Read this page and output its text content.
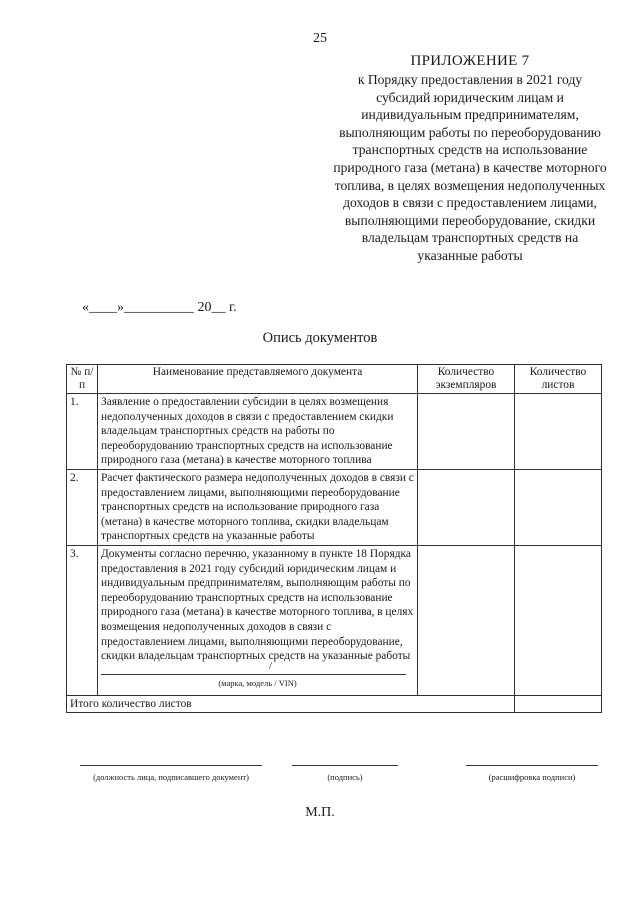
25
ПРИЛОЖЕНИЕ 7
к Порядку предоставления в 2021 году субсидий юридическим лицам и индивидуальным предпринимателям, выполняющим работы по переоборудованию транспортных средств на использование природного газа (метана) в качестве моторного топлива, в целях возмещения недополученных доходов в связи с предоставлением лицами, выполняющими переоборудование, скидки владельцам транспортных средств на указанные работы
«____»__________ 20__ г.
Опись документов
№ п/п	Наименование представляемого документа	Количество экземпляров	Количество листов
1.	Заявление о предоставлении субсидии в целях возмещения недополученных доходов в связи с предоставлением скидки владельцам транспортных средств на работы по переоборудованию транспортных средств на использование природного газа (метана) в качестве моторного топлива		
2.	Расчет фактического размера недополученных доходов в связи с предоставлением лицами, выполняющими переоборудование транспортных средств на использование природного газа (метана) в качестве моторного топлива, скидки владельцам транспортных средств на указанные работы		
3.	Документы согласно перечню, указанному в пункте 18 Порядка предоставления в 2021 году субсидий юридическим лицам и индивидуальным предпринимателям, выполняющим работы по переоборудованию транспортных средств на использование природного газа (метана) в качестве моторного топлива, в целях возмещения недополученных доходов в связи с предоставлением лицами, выполняющими переоборудование, скидки владельцам транспортных средств на указанные работы
/
(марка, модель / VIN)		

Итого количество листов			
(должность лица, подписавшего документ)	(подпись)	(расшифровка подписи)
М.П.
